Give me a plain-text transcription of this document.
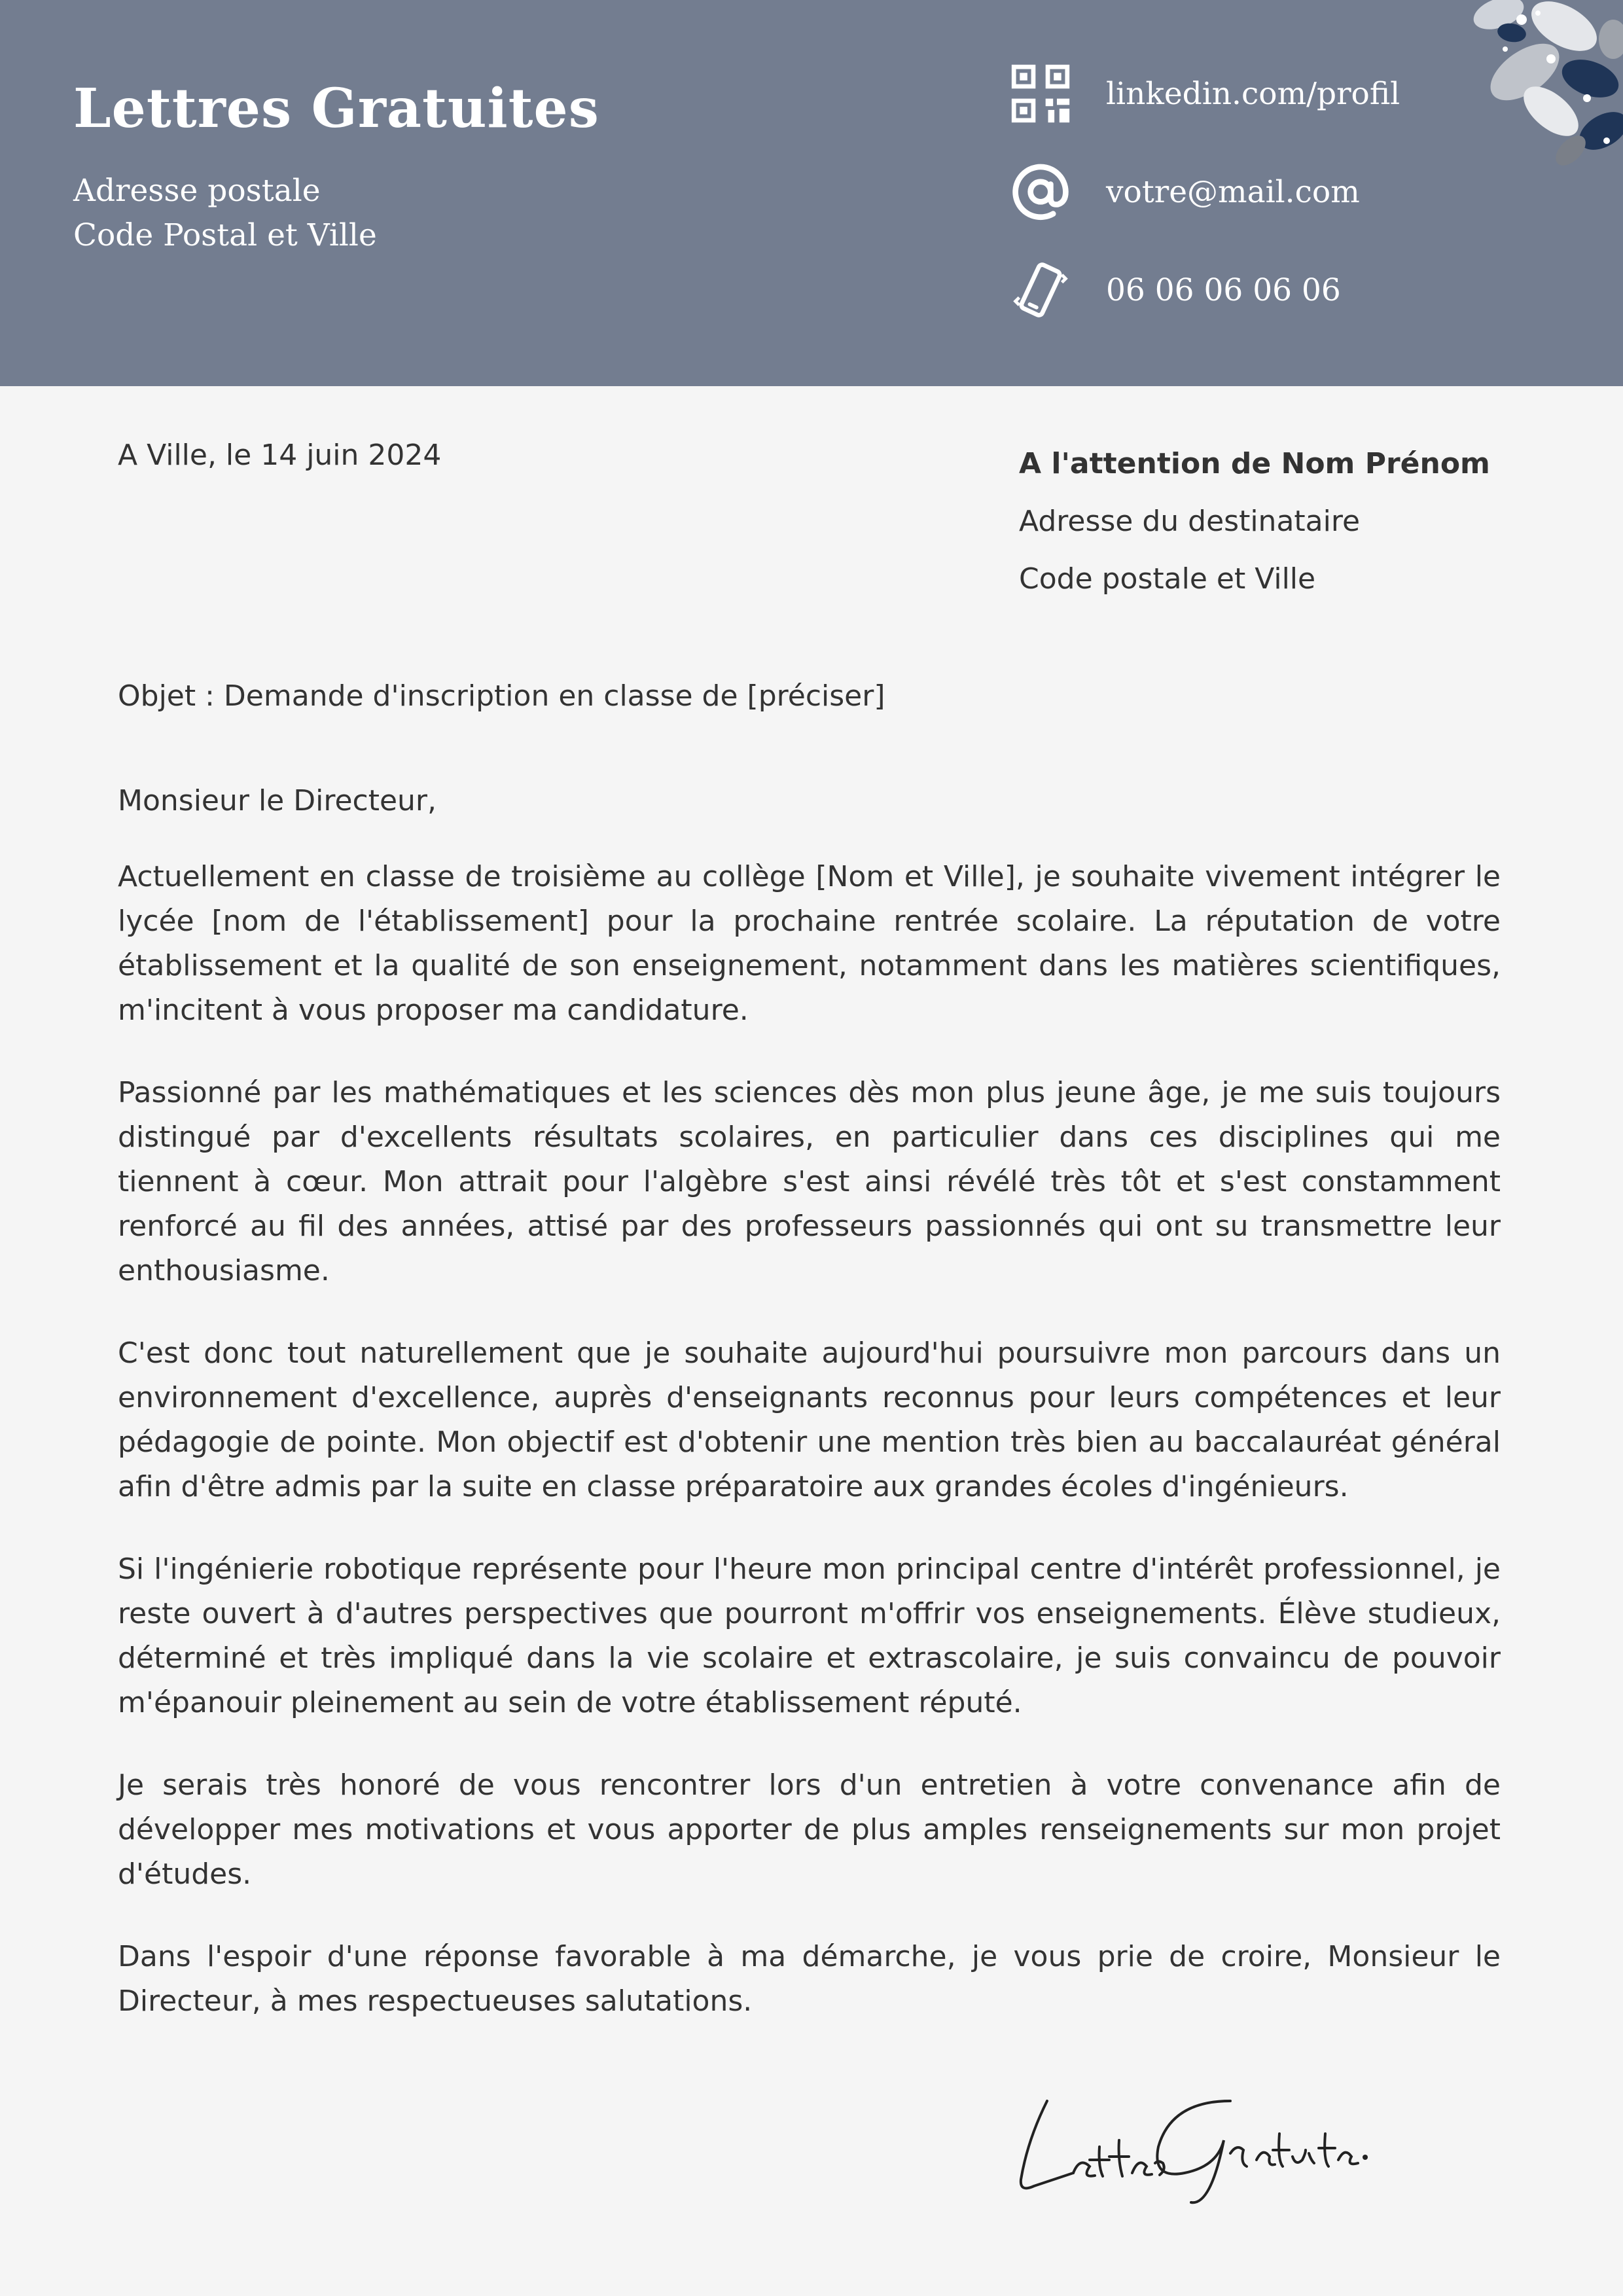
Lettres Gratuites
Adresse postale
Code Postal et Ville
linkedin.com/profil
votre@mail.com
06 06 06 06 06
A Ville, le 14 juin 2024	A l'attention de Nom Prénom
Adresse du destinataire
Code postale et Ville

Objet : Demande d'inscription en classe de [préciser]

Monsieur le Directeur,

Actuellement en classe de troisième au collège [Nom et Ville], je souhaite vivement intégrer le lycée [nom de l'établissement] pour la prochaine rentrée scolaire. La réputation de votre établissement et la qualité de son enseignement, notamment dans les matières scientifiques, m'incitent à vous proposer ma candidature.

Passionné par les mathématiques et les sciences dès mon plus jeune âge, je me suis toujours distingué par d'excellents résultats scolaires, en particulier dans ces disciplines qui me tiennent à cœur. Mon attrait pour l'algèbre s'est ainsi révélé très tôt et s'est constamment renforcé au fil des années, attisé par des professeurs passionnés qui ont su transmettre leur enthousiasme.

C'est donc tout naturellement que je souhaite aujourd'hui poursuivre mon parcours dans un environnement d'excellence, auprès d'enseignants reconnus pour leurs compétences et leur pédagogie de pointe. Mon objectif est d'obtenir une mention très bien au baccalauréat général afin d'être admis par la suite en classe préparatoire aux grandes écoles d'ingénieurs.

Si l'ingénierie robotique représente pour l'heure mon principal centre d'intérêt professionnel, je reste ouvert à d'autres perspectives que pourront m'offrir vos enseignements. Élève studieux, déterminé et très impliqué dans la vie scolaire et extrascolaire, je suis convaincu de pouvoir m'épanouir pleinement au sein de votre établissement réputé.

Je serais très honoré de vous rencontrer lors d'un entretien à votre convenance afin de développer mes motivations et vous apporter de plus amples renseignements sur mon projet d'études.

Dans l'espoir d'une réponse favorable à ma démarche, je vous prie de croire, Monsieur le Directeur, à mes respectueuses salutations.
